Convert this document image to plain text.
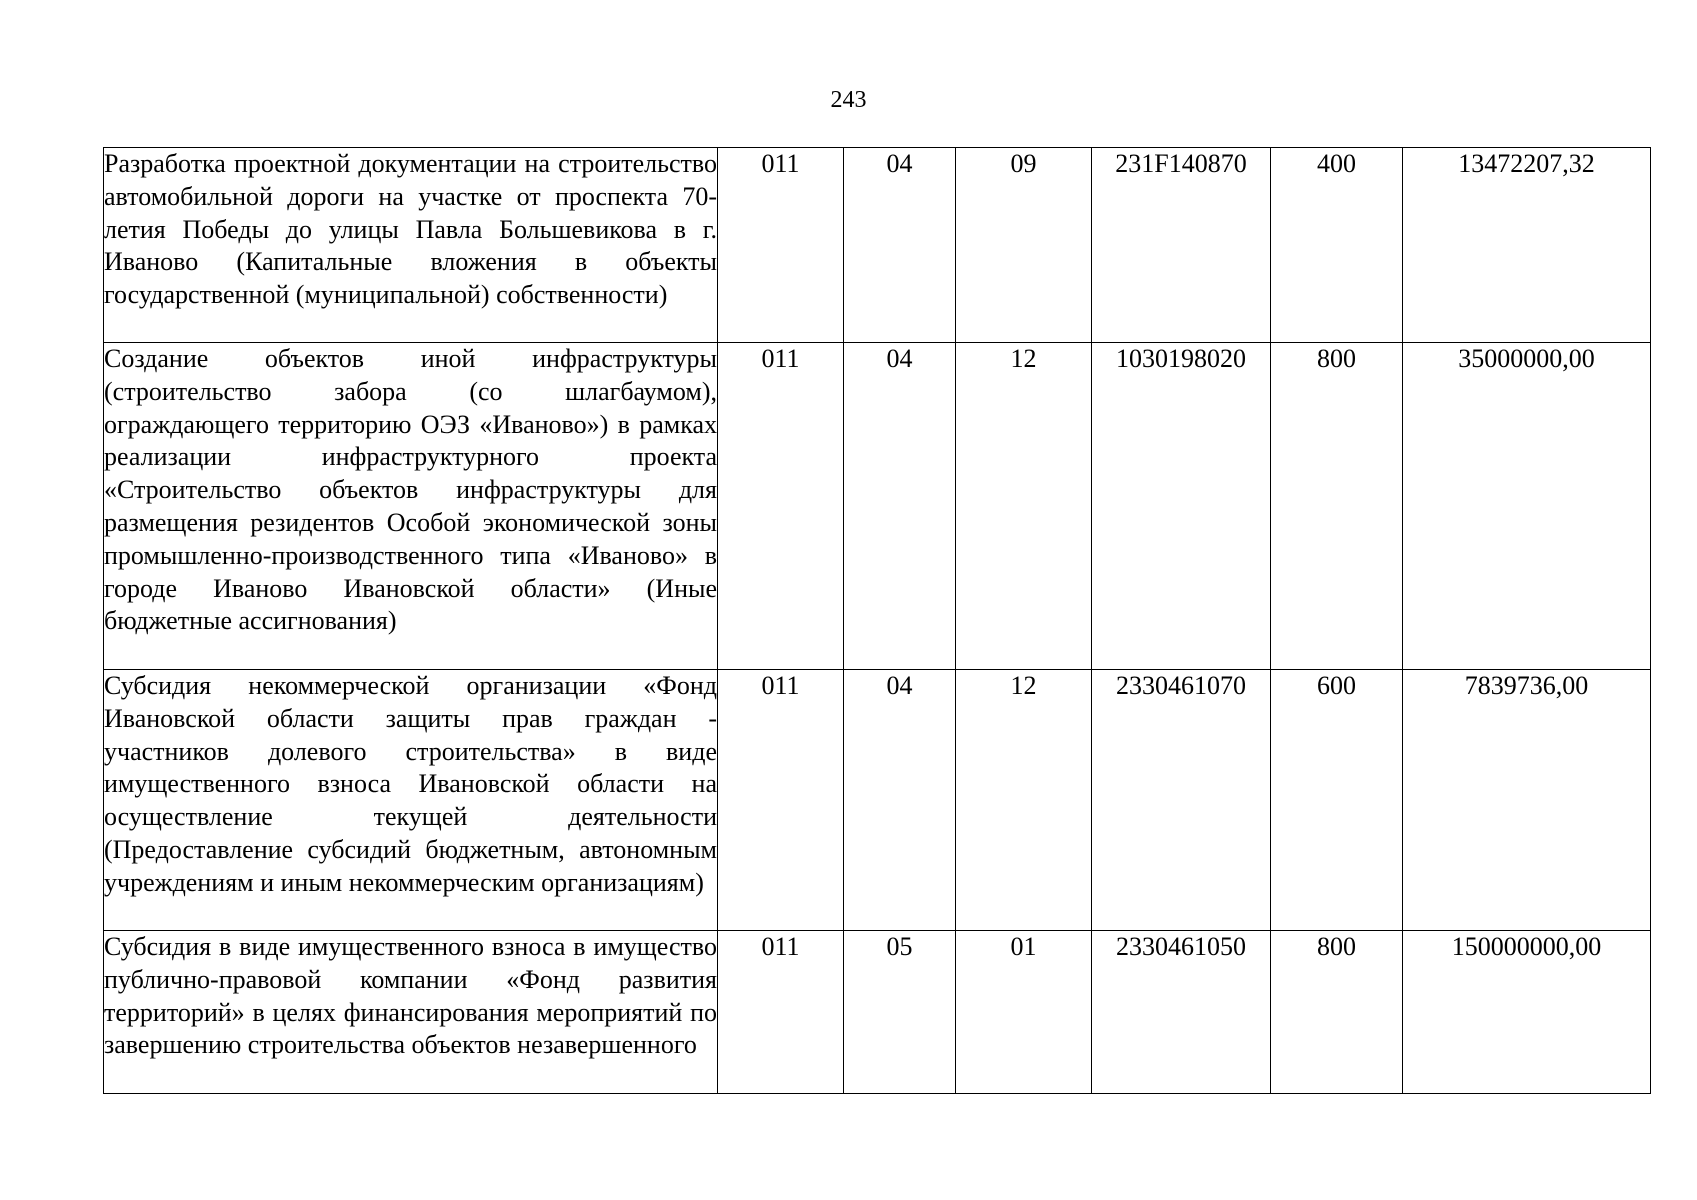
243
Разработка проектной документации на строительство автомобильной дороги на участке от проспекта 70-летия Победы до улицы Павла Большевикова в г. Иваново (Капитальные вложения в объекты государственной (муниципальной) собственности)	011	04	09	231F140870	400	13472207,32
Создание объектов иной инфраструктуры (строительство забора (со шлагбаумом), ограждающего территорию ОЭЗ «Иваново») в рамках реализации инфраструктурного проекта «Строительство объектов инфраструктуры для размещения резидентов Особой экономической зоны промышленно-производственного типа «Иваново» в городе Иваново Ивановской области» (Иные бюджетные ассигнования)	011	04	12	1030198020	800	35000000,00
Субсидия некоммерческой организации «Фонд Ивановской области защиты прав граждан - участников долевого строительства» в виде имущественного взноса Ивановской области на осуществление текущей деятельности (Предоставление субсидий бюджетным, автономным учреждениям и иным некоммерческим организациям)	011	04	12	2330461070	600	7839736,00
Субсидия в виде имущественного взноса в имущество публично-правовой компании «Фонд развития территорий» в целях финансирования мероприятий по завершению строительства объектов незавершенного	011	05	01	2330461050	800	150000000,00
